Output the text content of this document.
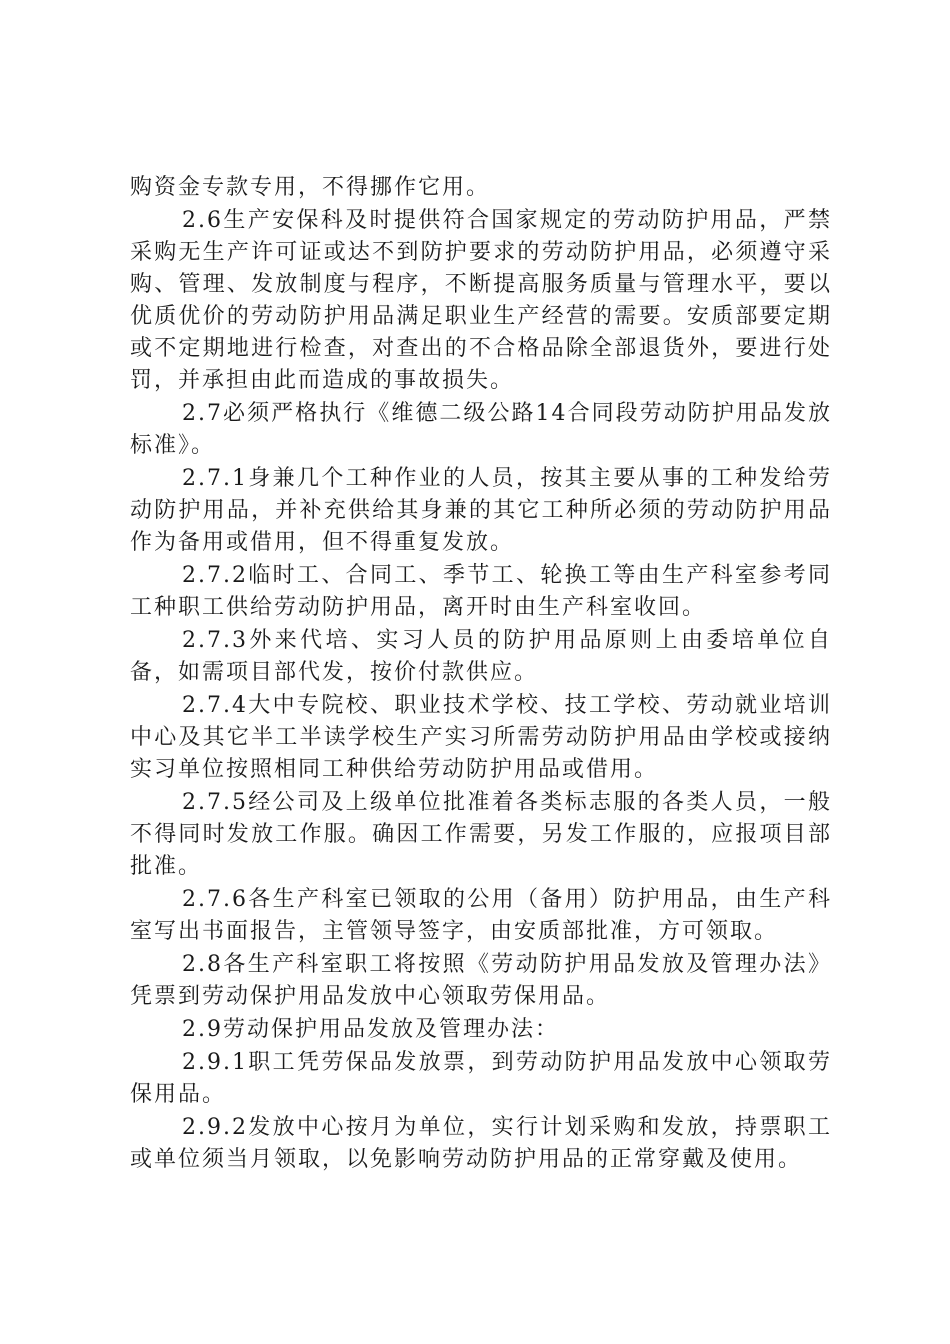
购资金专款专用，不得挪作它用。

2.6生产安保科及时提供符合国家规定的劳动防护用品，严禁采购无生产许可证或达不到防护要求的劳动防护用品，必须遵守采购、管理、发放制度与程序，不断提高服务质量与管理水平，要以优质优价的劳动防护用品满足职业生产经营的需要。安质部要定期或不定期地进行检查，对查出的不合格品除全部退货外，要进行处罚，并承担由此而造成的事故损失。

2.7必须严格执行《维德二级公路14合同段劳动防护用品发放标准》。

2.7.1身兼几个工种作业的人员，按其主要从事的工种发给劳动防护用品，并补充供给其身兼的其它工种所必须的劳动防护用品作为备用或借用，但不得重复发放。

2.7.2临时工、合同工、季节工、轮换工等由生产科室参考同工种职工供给劳动防护用品，离开时由生产科室收回。

2.7.3外来代培、实习人员的防护用品原则上由委培单位自备，如需项目部代发，按价付款供应。

2.7.4大中专院校、职业技术学校、技工学校、劳动就业培训中心及其它半工半读学校生产实习所需劳动防护用品由学校或接纳实习单位按照相同工种供给劳动防护用品或借用。

2.7.5经公司及上级单位批准着各类标志服的各类人员，一般不得同时发放工作服。确因工作需要，另发工作服的，应报项目部批准。

2.7.6各生产科室已领取的公用（备用）防护用品，由生产科室写出书面报告，主管领导签字，由安质部批准，方可领取。

2.8各生产科室职工将按照《劳动防护用品发放及管理办法》凭票到劳动保护用品发放中心领取劳保用品。

2.9劳动保护用品发放及管理办法：

2.9.1职工凭劳保品发放票，到劳动防护用品发放中心领取劳保用品。

2.9.2发放中心按月为单位，实行计划采购和发放，持票职工或单位须当月领取，以免影响劳动防护用品的正常穿戴及使用。
